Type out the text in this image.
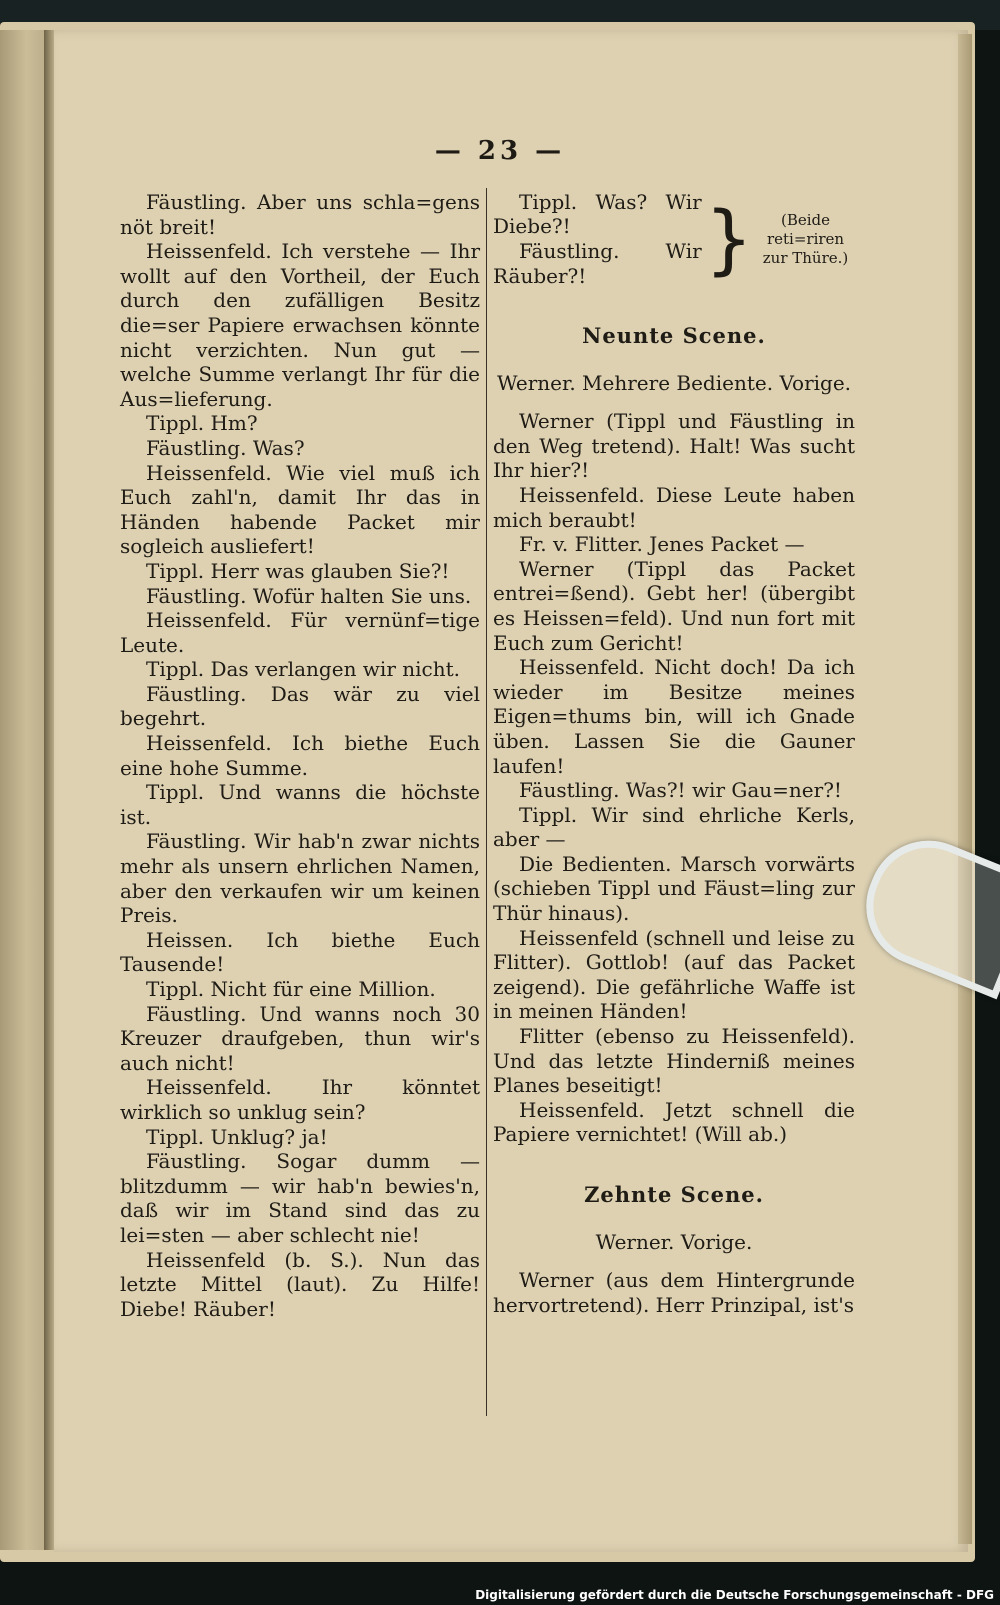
— 23 —

Fäustling. Aber uns schla=gens nöt breit!

Heissenfeld. Ich verstehe — Ihr wollt auf den Vortheil, der Euch durch den zufälligen Besitz die=ser Papiere erwachsen könnte nicht verzichten. Nun gut — welche Summe verlangt Ihr für die Aus=lieferung.

Tippl. Hm?

Fäustling. Was?

Heissenfeld. Wie viel muß ich Euch zahl'n, damit Ihr das in Händen habende Packet mir sogleich ausliefert!

Tippl. Herr was glauben Sie?!

Fäustling. Wofür halten Sie uns.

Heissenfeld. Für vernünf=tige Leute.

Tippl. Das verlangen wir nicht.

Fäustling. Das wär zu viel begehrt.

Heissenfeld. Ich biethe Euch eine hohe Summe.

Tippl. Und wanns die höchste ist.

Fäustling. Wir hab'n zwar nichts mehr als unsern ehrlichen Namen, aber den verkaufen wir um keinen Preis.

Heissen. Ich biethe Euch Tausende!

Tippl. Nicht für eine Million.

Fäustling. Und wanns noch 30 Kreuzer draufgeben, thun wir's auch nicht!

Heissenfeld. Ihr könntet wirklich so unklug sein?

Tippl. Unklug? ja!

Fäustling. Sogar dumm — blitzdumm — wir hab'n bewies'n, daß wir im Stand sind das zu lei=sten — aber schlecht nie!

Heissenfeld (b. S.). Nun das letzte Mittel (laut). Zu Hilfe! Diebe! Räuber!

Tippl. Was? Wir Diebe?!

Fäustling. Wir Räuber?!	}	(Beide reti=riren zur Thüre.)
Neunte Scene.

Werner. Mehrere Bediente. Vorige.

Werner (Tippl und Fäustling in den Weg tretend). Halt! Was sucht Ihr hier?!

Heissenfeld. Diese Leute haben mich beraubt!

Fr. v. Flitter. Jenes Packet —

Werner (Tippl das Packet entrei=ßend). Gebt her! (übergibt es Heissen=feld). Und nun fort mit Euch zum Gericht!

Heissenfeld. Nicht doch! Da ich wieder im Besitze meines Eigen=thums bin, will ich Gnade üben. Lassen Sie die Gauner laufen!

Fäustling. Was?! wir Gau=ner?!

Tippl. Wir sind ehrliche Kerls, aber —

Die Bedienten. Marsch vorwärts (schieben Tippl und Fäust=ling zur Thür hinaus).

Heissenfeld (schnell und leise zu Flitter). Gottlob! (auf das Packet zeigend). Die gefährliche Waffe ist in meinen Händen!

Flitter (ebenso zu Heissenfeld). Und das letzte Hinderniß meines Planes beseitigt!

Heissenfeld. Jetzt schnell die Papiere vernichtet! (Will ab.)

Zehnte Scene.

Werner. Vorige.

Werner (aus dem Hintergrunde hervortretend). Herr Prinzipal, ist's

Digitalisierung gefördert durch die Deutsche Forschungsgemeinschaft - DFG
